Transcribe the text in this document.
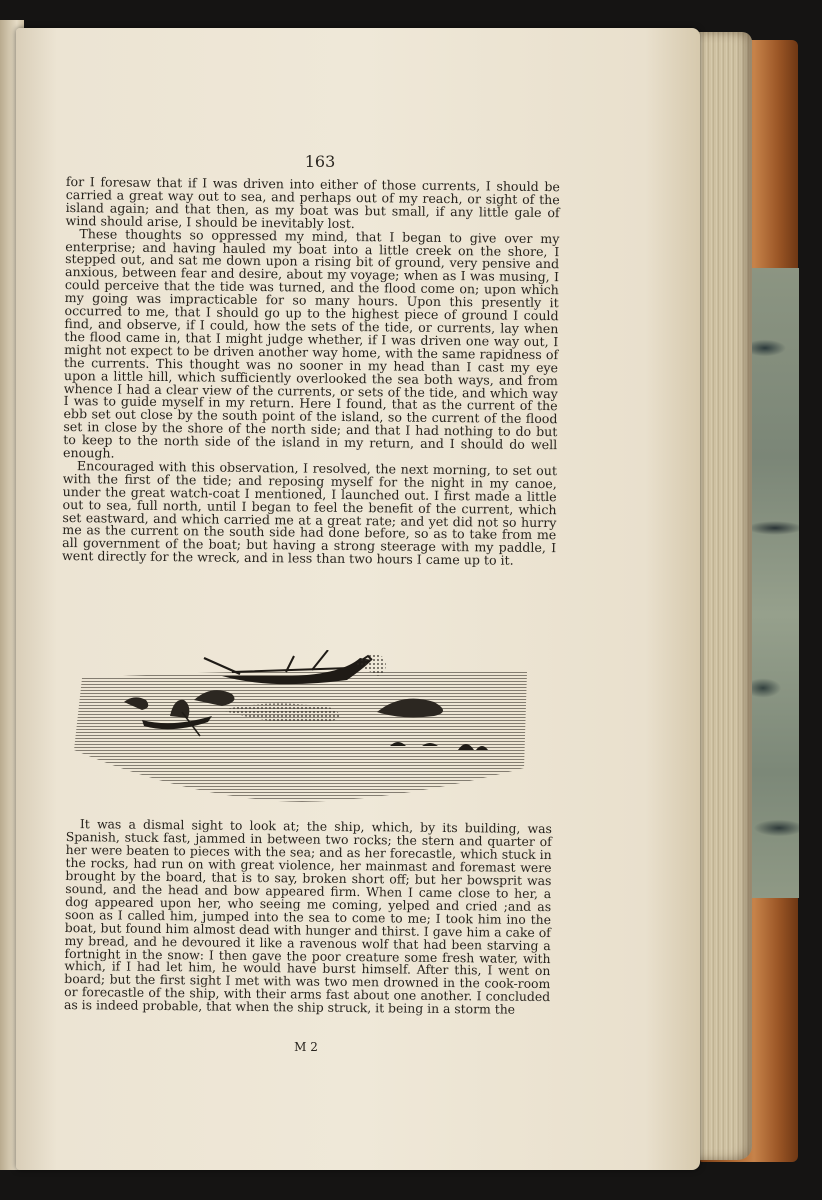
163

for I foresaw that if I was driven into either of those currents, I should be carried a great way out to sea, and perhaps out of my reach, or sight of the island again; and that then, as my boat was but small, if any little gale of wind should arise, I should be inevitably lost.

These thoughts so oppressed my mind, that I began to give over my enterprise; and having hauled my boat into a little creek on the shore, I stepped out, and sat me down upon a rising bit of ground, very pensive and anxious, between fear and desire, about my voyage; when as I was musing, I could perceive that the tide was turned, and the flood come on; upon which my going was impracticable for so many hours. Upon this presently it occurred to me, that I should go up to the highest piece of ground I could find, and observe, if I could, how the sets of the tide, or currents, lay when the flood came in, that I might judge whether, if I was driven one way out, I might not expect to be driven another way home, with the same rapidness of the currents. This thought was no sooner in my head than I cast my eye upon a little hill, which sufficiently overlooked the sea both ways, and from whence I had a clear view of the currents, or sets of the tide, and which way I was to guide myself in my return. Here I found, that as the current of the ebb set out close by the south point of the island, so the current of the flood set in close by the shore of the north side; and that I had nothing to do but to keep to the north side of the island in my return, and I should do well enough.

Encouraged with this observation, I resolved, the next morning, to set out with the first of the tide; and reposing myself for the night in my canoe, under the great watch-coat I mentioned, I launched out. I first made a little out to sea, full north, until I began to feel the benefit of the current, which set eastward, and which carried me at a great rate; and yet did not so hurry me as the current on the south side had done before, so as to take from me all government of the boat; but having a strong steerage with my paddle, I went directly for the wreck, and in less than two hours I came up to it.

It was a dismal sight to look at; the ship, which, by its building, was Spanish, stuck fast, jammed in between two rocks; the stern and quarter of her were beaten to pieces with the sea; and as her forecastle, which stuck in the rocks, had run on with great violence, her mainmast and foremast were brought by the board, that is to say, broken short off; but her bowsprit was sound, and the head and bow appeared firm. When I came close to her, a dog appeared upon her, who seeing me coming, yelped and cried ;and as soon as I called him, jumped into the sea to come to me; I took him ino the boat, but found him almost dead with hunger and thirst. I gave him a cake of my bread, and he devoured it like a ravenous wolf that had been starving a fortnight in the snow: I then gave the poor creature some fresh water, with which, if I had let him, he would have burst himself. After this, I went on board; but the first sight I met with was two men drowned in the cook-room or forecastle of the ship, with their arms fast about one another. I concluded as is indeed probable, that when the ship struck, it being in a storm the

M 2
